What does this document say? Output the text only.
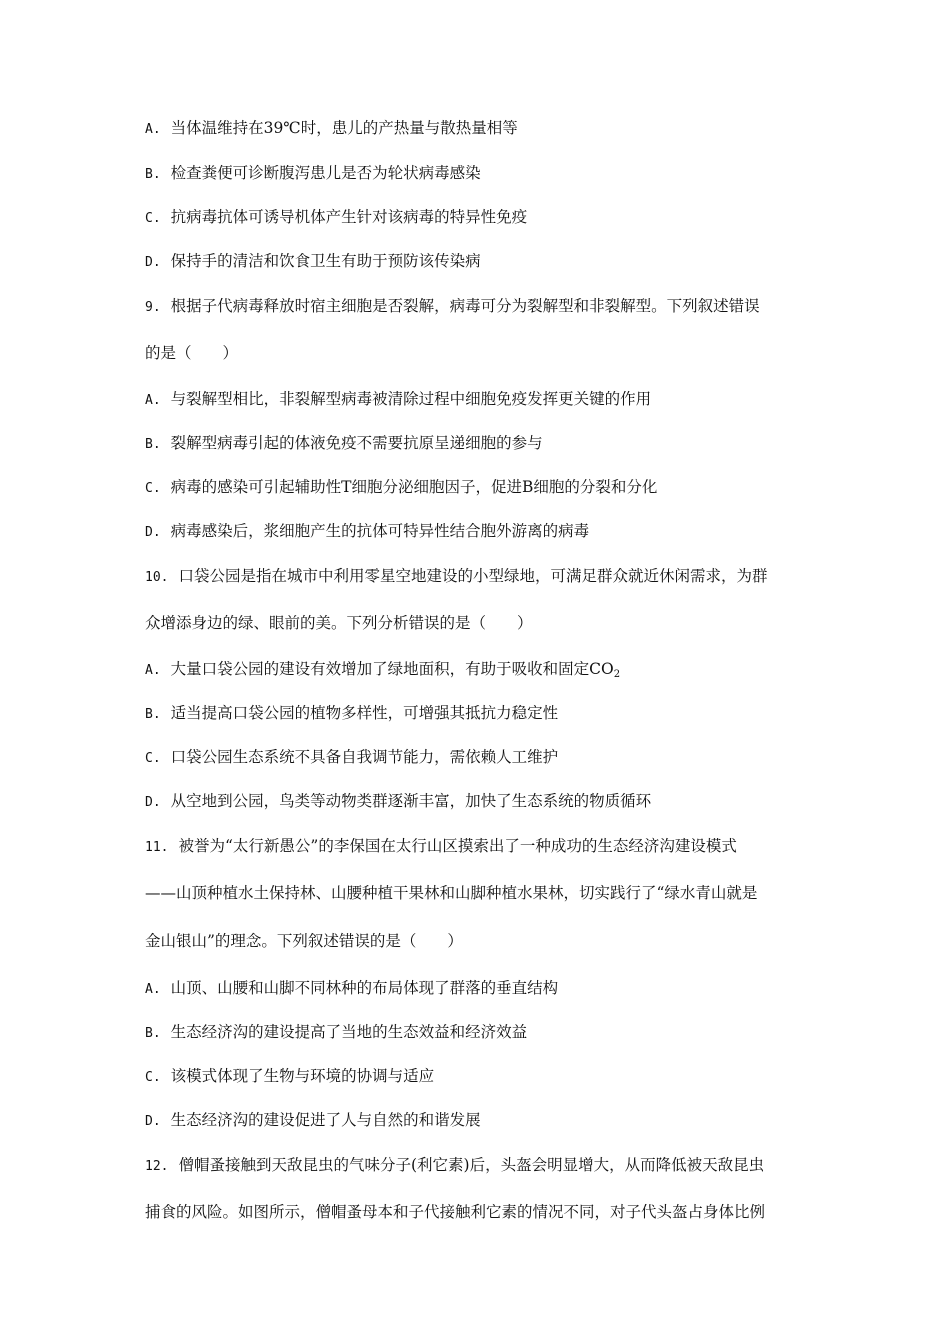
A. 当体温维持在39℃时，患儿的产热量与散热量相等
B. 检查粪便可诊断腹泻患儿是否为轮状病毒感染
C. 抗病毒抗体可诱导机体产生针对该病毒的特异性免疫
D. 保持手的清洁和饮食卫生有助于预防该传染病
9. 根据子代病毒释放时宿主细胞是否裂解，病毒可分为裂解型和非裂解型。下列叙述错误
的是（　　）
A. 与裂解型相比，非裂解型病毒被清除过程中细胞免疫发挥更关键的作用
B. 裂解型病毒引起的体液免疫不需要抗原呈递细胞的参与
C. 病毒的感染可引起辅助性T细胞分泌细胞因子，促进B细胞的分裂和分化
D. 病毒感染后，浆细胞产生的抗体可特异性结合胞外游离的病毒
10. 口袋公园是指在城市中利用零星空地建设的小型绿地，可满足群众就近休闲需求，为群
众增添身边的绿、眼前的美。下列分析错误的是（　　）
A. 大量口袋公园的建设有效增加了绿地面积，有助于吸收和固定$CO_2$
B. 适当提高口袋公园的植物多样性，可增强其抵抗力稳定性
C. 口袋公园生态系统不具备自我调节能力，需依赖人工维护
D. 从空地到公园，鸟类等动物类群逐渐丰富，加快了生态系统的物质循环
11. 被誉为“太行新愚公”的李保国在太行山区摸索出了一种成功的生态经济沟建设模式
——山顶种植水土保持林、山腰种植干果林和山脚种植水果林，切实践行了“绿水青山就是
金山银山”的理念。下列叙述错误的是（　　）
A. 山顶、山腰和山脚不同林种的布局体现了群落的垂直结构
B. 生态经济沟的建设提高了当地的生态效益和经济效益
C. 该模式体现了生物与环境的协调与适应
D. 生态经济沟的建设促进了人与自然的和谐发展
12. 僧帽蚤接触到天敌昆虫的气味分子(利它素)后，头盔会明显增大，从而降低被天敌昆虫
捕食的风险。如图所示，僧帽蚤母本和子代接触利它素的情况不同，对子代头盔占身体比例
